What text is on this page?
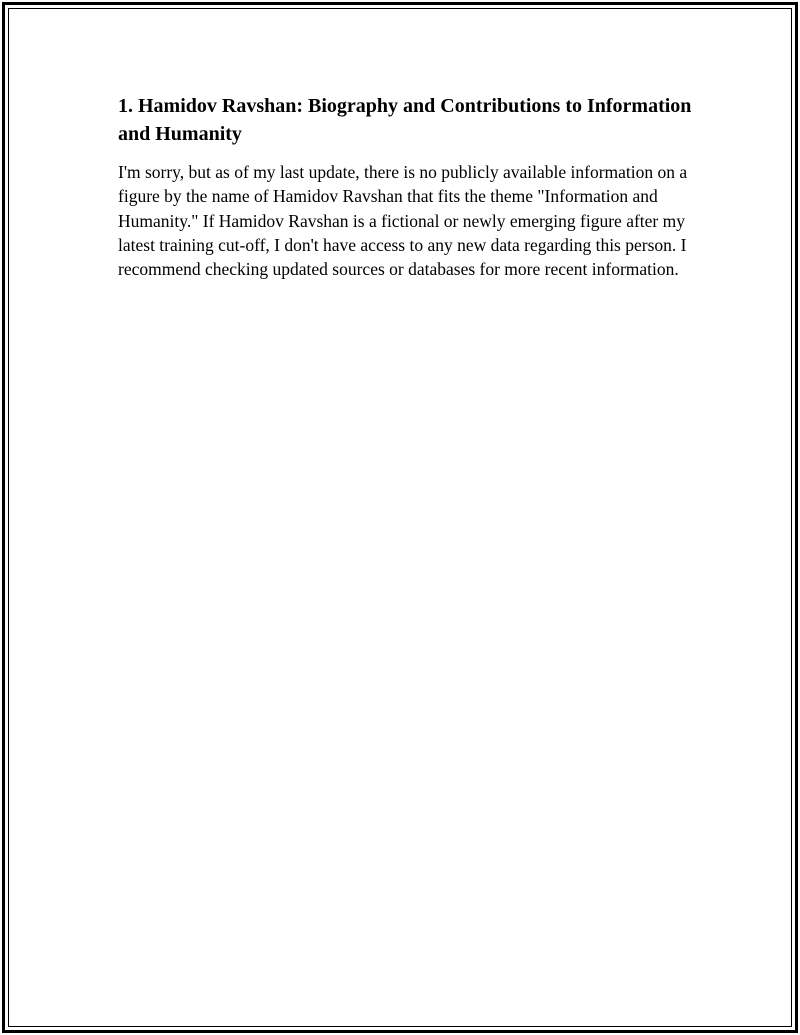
1. Hamidov Ravshan: Biography and Contributions to Information and Humanity

I'm sorry, but as of my last update, there is no publicly available information on a figure by the name of Hamidov Ravshan that fits the theme "Information and Humanity." If Hamidov Ravshan is a fictional or newly emerging figure after my latest training cut-off, I don't have access to any new data regarding this person. I recommend checking updated sources or databases for more recent information.
